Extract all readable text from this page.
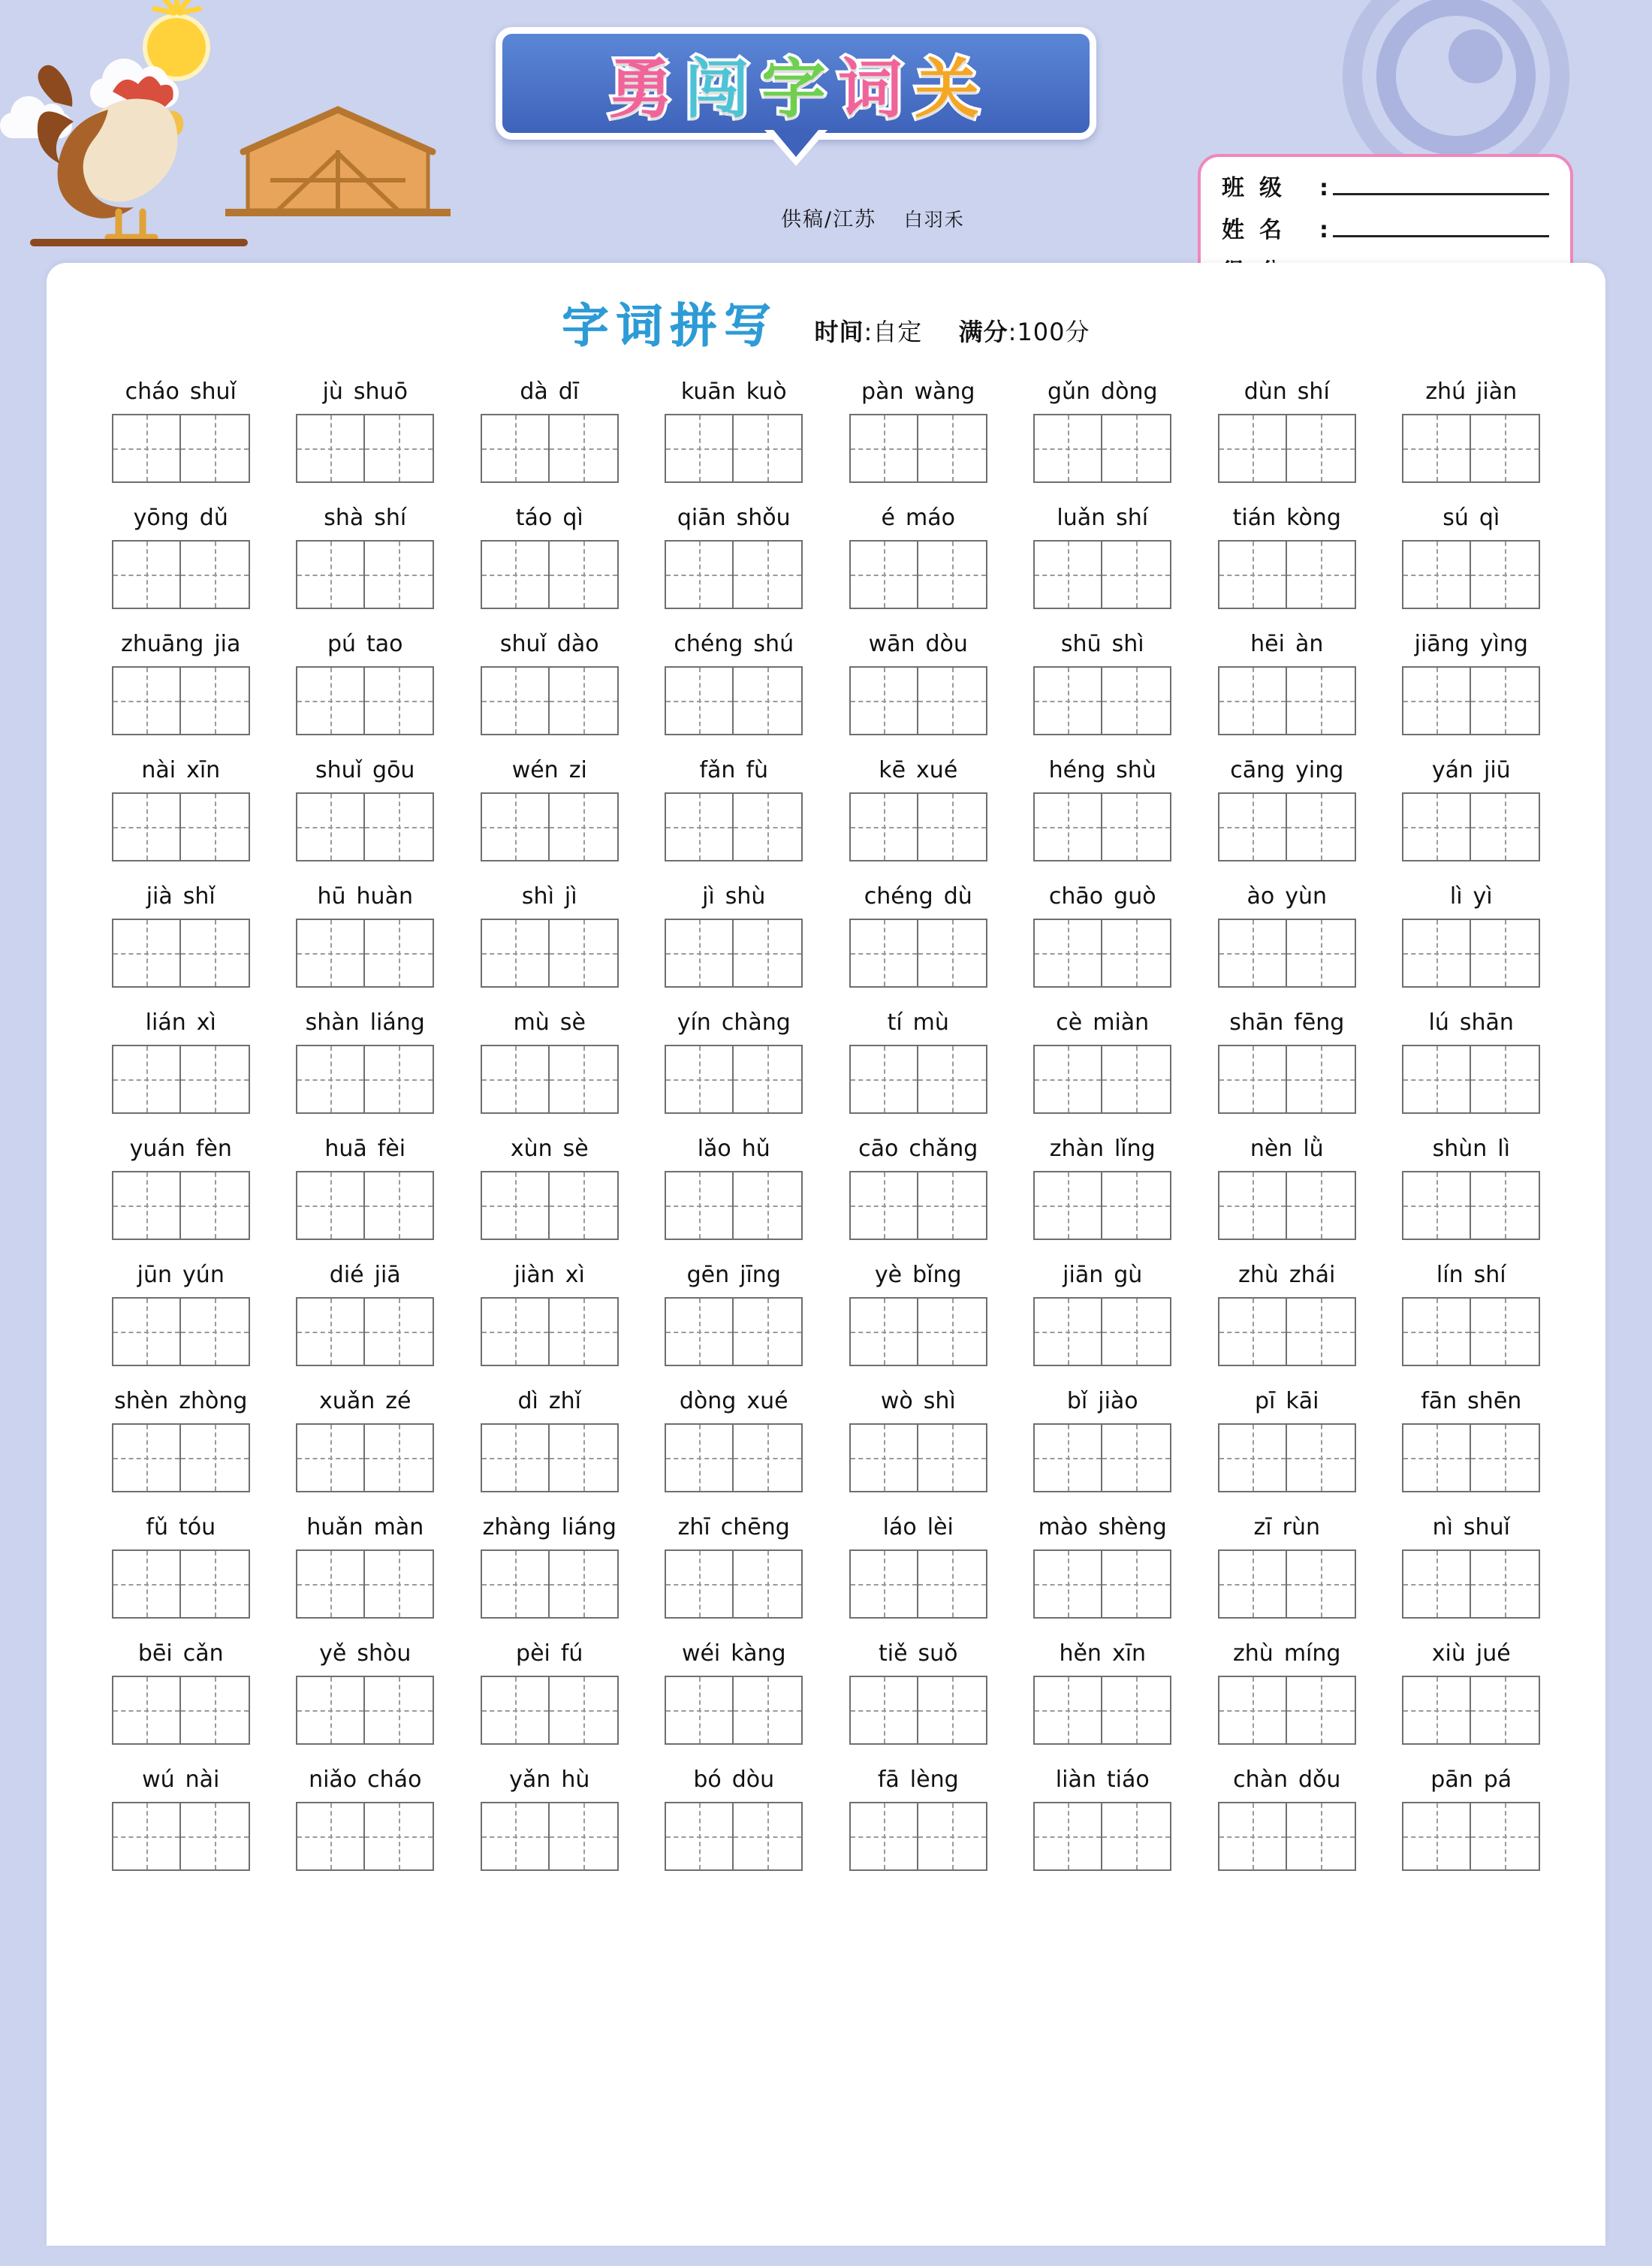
勇 闯 字 词 关
供稿∕江苏 白羽禾
班级	:
姓名	:
字词拼写 时间:自定 满分:100分
cháo shuǐ	jù shuō	dà dī	kuān kuò	pàn wàng	gǔn dòng	dùn shí	zhú jiàn
yōng dǔ	shà shí	táo qì	qiān shǒu	é máo	luǎn shí	tián kòng	sú qì
zhuāng jia	pú tao	shuǐ dào	chéng shú	wān dòu	shū shì	hēi àn	jiāng yìng
nài xīn	shuǐ gōu	wén zi	fǎn fù	kē xué	héng shù	cāng ying	yán jiū
jià shǐ	hū huàn	shì jì	jì shù	chéng dù	chāo guò	ào yùn	lì yì
lián xì	shàn liáng	mù sè	yín chàng	tí mù	cè miàn	shān fēng	lú shān
yuán fèn	huā fèi	xùn sè	lǎo hǔ	cāo chǎng	zhàn lǐng	nèn lǜ	shùn lì
jūn yún	dié jiā	jiàn xì	gēn jīng	yè bǐng	jiān gù	zhù zhái	lín shí
shèn zhòng	xuǎn zé	dì zhǐ	dòng xué	wò shì	bǐ jiào	pī kāi	fān shēn
fǔ tóu	huǎn màn	zhàng liáng	zhī chēng	láo lèi	mào shèng	zī rùn	nì shuǐ
bēi cǎn	yě shòu	pèi fú	wéi kàng	tiě suǒ	hěn xīn	zhù míng	xiù jué
wú nài	niǎo cháo	yǎn hù	bó dòu	fā lèng	liàn tiáo	chàn dǒu	pān pá
